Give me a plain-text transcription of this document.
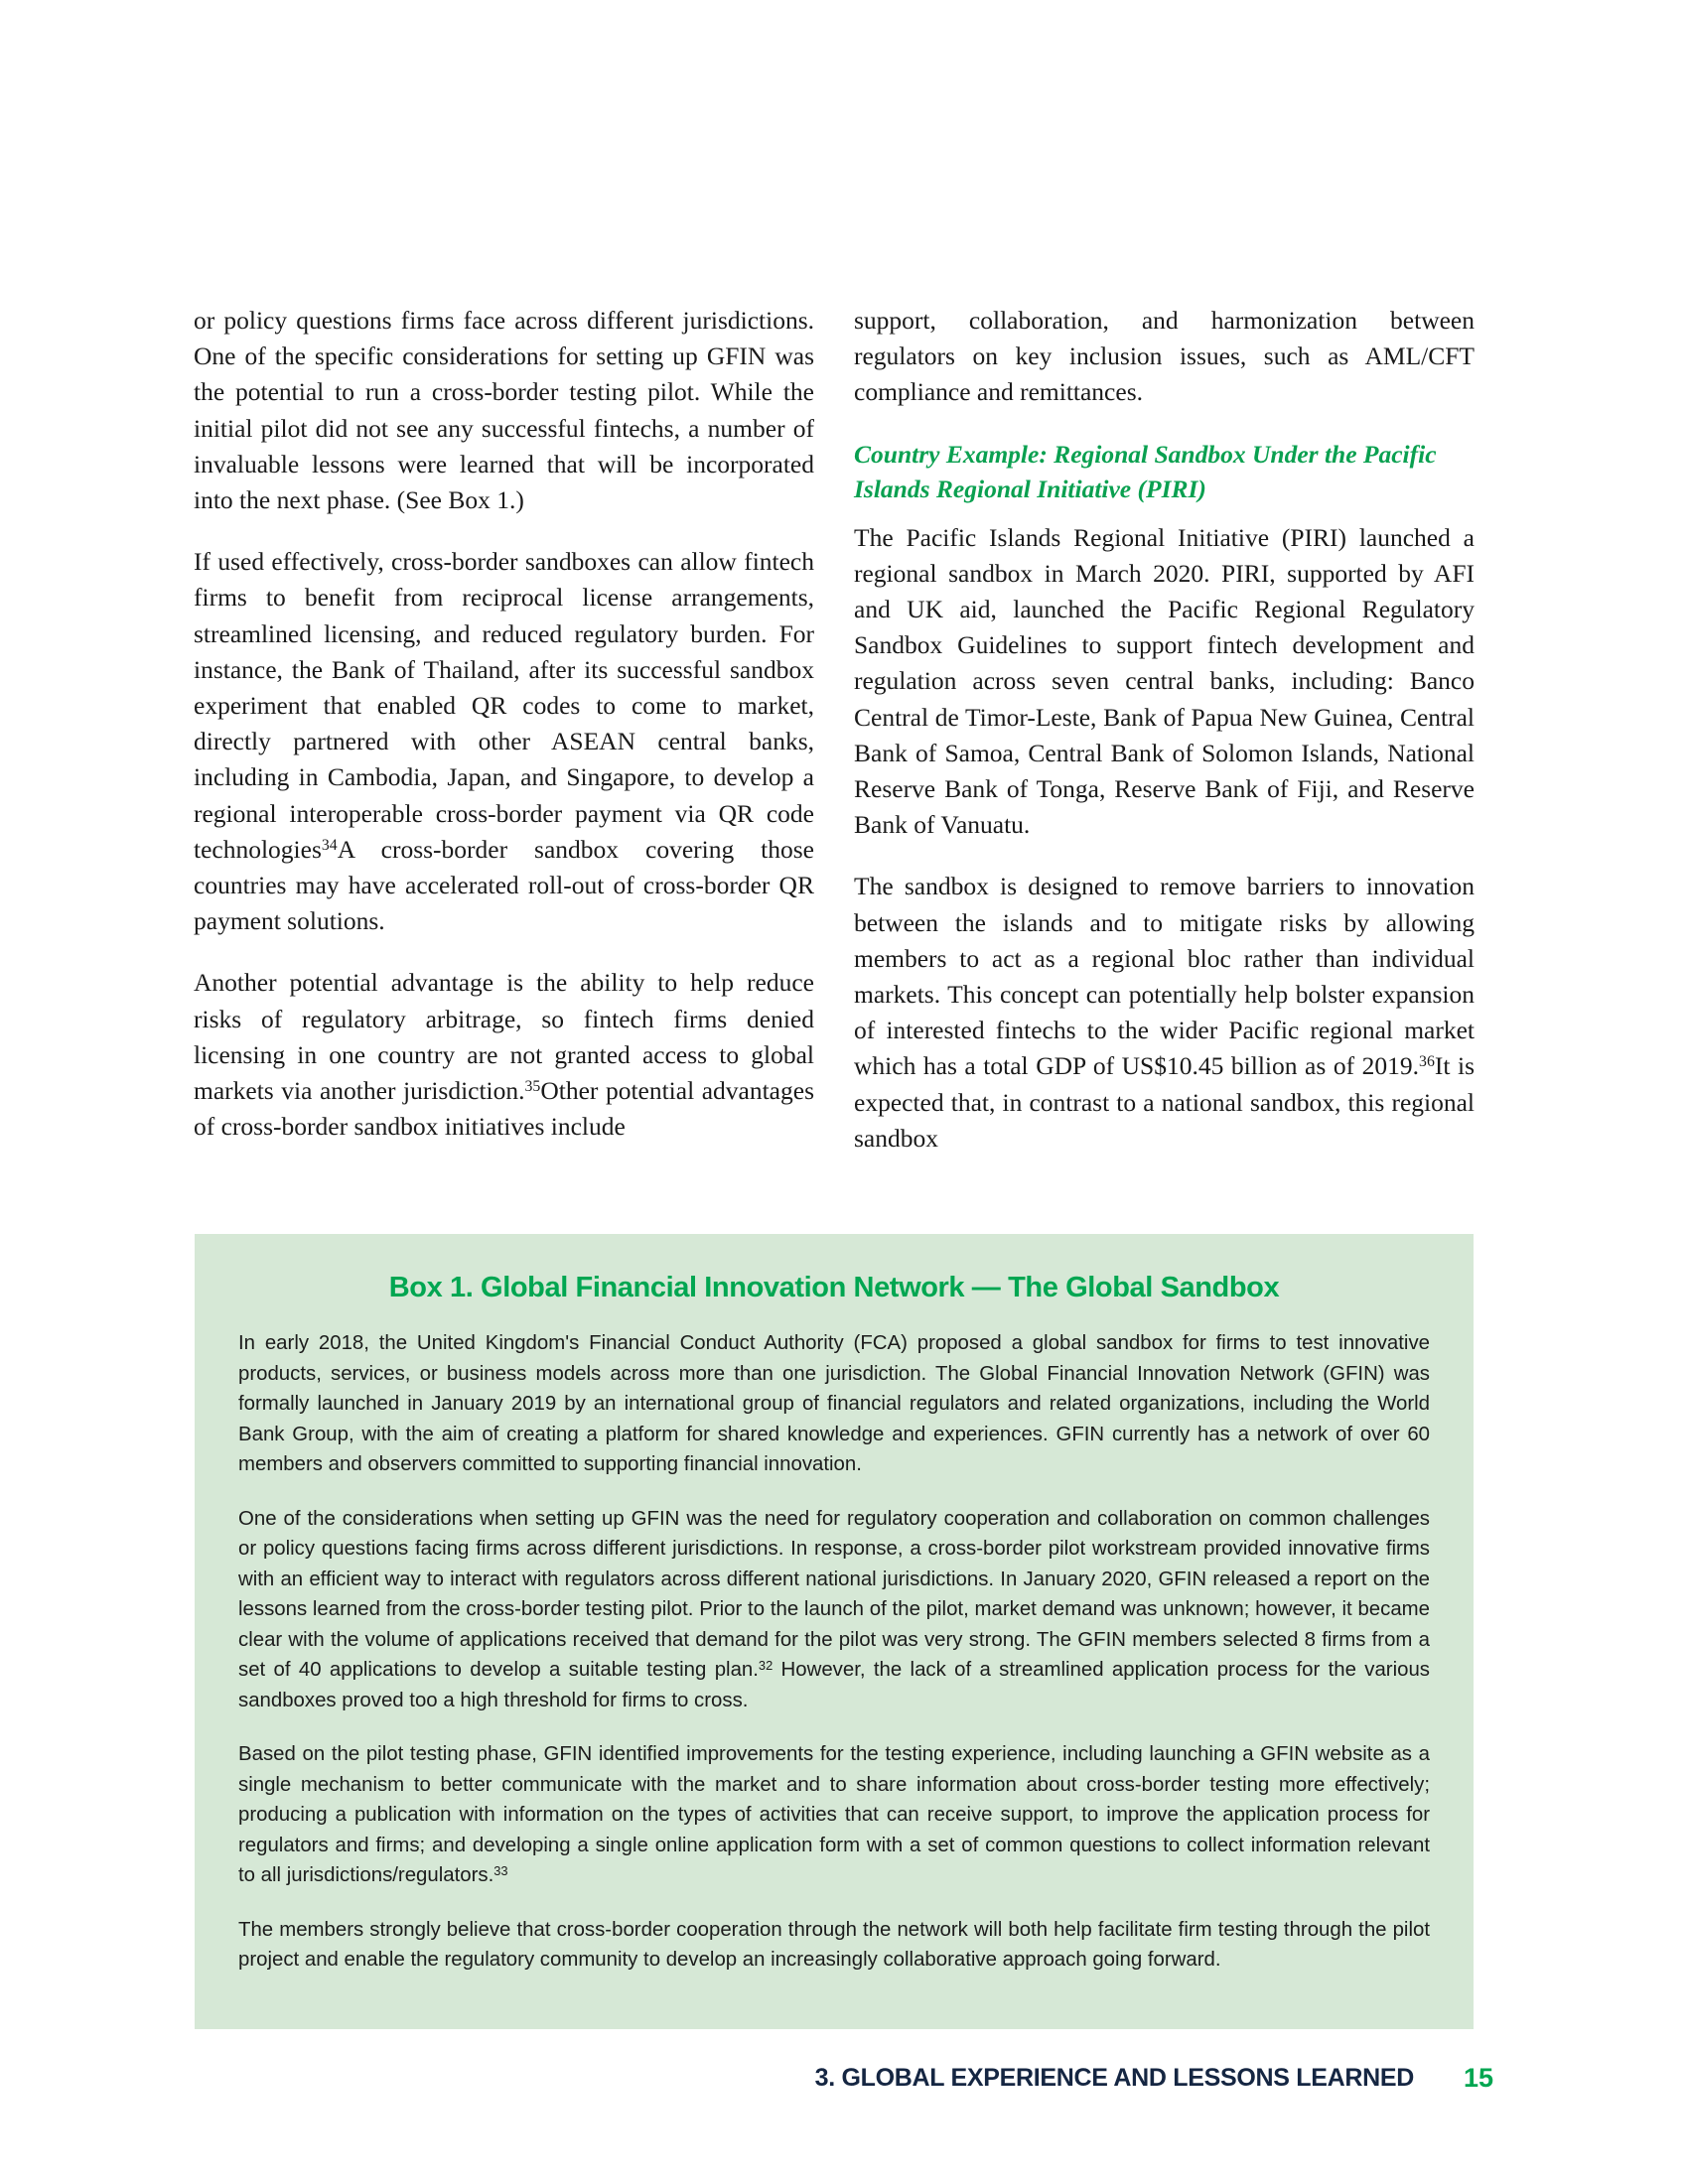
or policy questions firms face across different jurisdictions. One of the specific considerations for setting up GFIN was the potential to run a cross-border testing pilot. While the initial pilot did not see any successful fintechs, a number of invaluable lessons were learned that will be incorporated into the next phase. (See Box 1.)

If used effectively, cross-border sandboxes can allow fintech firms to benefit from reciprocal license arrangements, streamlined licensing, and reduced regulatory burden. For instance, the Bank of Thailand, after its successful sandbox experiment that enabled QR codes to come to market, directly partnered with other ASEAN central banks, including in Cambodia, Japan, and Singapore, to develop a regional interoperable cross-border payment via QR code technologies$^{34}$A cross-border sandbox covering those countries may have accelerated roll-out of cross-border QR payment solutions.

Another potential advantage is the ability to help reduce risks of regulatory arbitrage, so fintech firms denied licensing in one country are not granted access to global markets via another jurisdiction.$^{35}$Other potential advantages of cross-border sandbox initiatives include

support, collaboration, and harmonization between regulators on key inclusion issues, such as AML/CFT compliance and remittances.

Country Example: Regional Sandbox Under the Pacific Islands Regional Initiative (PIRI)

The Pacific Islands Regional Initiative (PIRI) launched a regional sandbox in March 2020. PIRI, supported by AFI and UK aid, launched the Pacific Regional Regulatory Sandbox Guidelines to support fintech development and regulation across seven central banks, including: Banco Central de Timor-Leste, Bank of Papua New Guinea, Central Bank of Samoa, Central Bank of Solomon Islands, National Reserve Bank of Tonga, Reserve Bank of Fiji, and Reserve Bank of Vanuatu.

The sandbox is designed to remove barriers to innovation between the islands and to mitigate risks by allowing members to act as a regional bloc rather than individual markets. This concept can potentially help bolster expansion of interested fintechs to the wider Pacific regional market which has a total GDP of US$10.45 billion as of 2019.36It is expected that, in contrast to a national sandbox, this regional sandbox

Box 1. Global Financial Innovation Network — The Global Sandbox

In early 2018, the United Kingdom's Financial Conduct Authority (FCA) proposed a global sandbox for firms to test innovative products, services, or business models across more than one jurisdiction. The Global Financial Innovation Network (GFIN) was formally launched in January 2019 by an international group of financial regulators and related organizations, including the World Bank Group, with the aim of creating a platform for shared knowledge and experiences. GFIN currently has a network of over 60 members and observers committed to supporting financial innovation.

One of the considerations when setting up GFIN was the need for regulatory cooperation and collaboration on common challenges or policy questions facing firms across different jurisdictions. In response, a cross-border pilot workstream provided innovative firms with an efficient way to interact with regulators across different national jurisdictions. In January 2020, GFIN released a report on the lessons learned from the cross-border testing pilot. Prior to the launch of the pilot, market demand was unknown; however, it became clear with the volume of applications received that demand for the pilot was very strong. The GFIN members selected 8 firms from a set of 40 applications to develop a suitable testing plan.$^{32}$ However, the lack of a streamlined application process for the various sandboxes proved too a high threshold for firms to cross.

Based on the pilot testing phase, GFIN identified improvements for the testing experience, including launching a GFIN website as a single mechanism to better communicate with the market and to share information about cross-border testing more effectively; producing a publication with information on the types of activities that can receive support, to improve the application process for regulators and firms; and developing a single online application form with a set of common questions to collect information relevant to all jurisdictions/regulators.$^{33}$

The members strongly believe that cross-border cooperation through the network will both help facilitate firm testing through the pilot project and enable the regulatory community to develop an increasingly collaborative approach going forward.

3. GLOBAL EXPERIENCE AND LESSONS LEARNED 15
